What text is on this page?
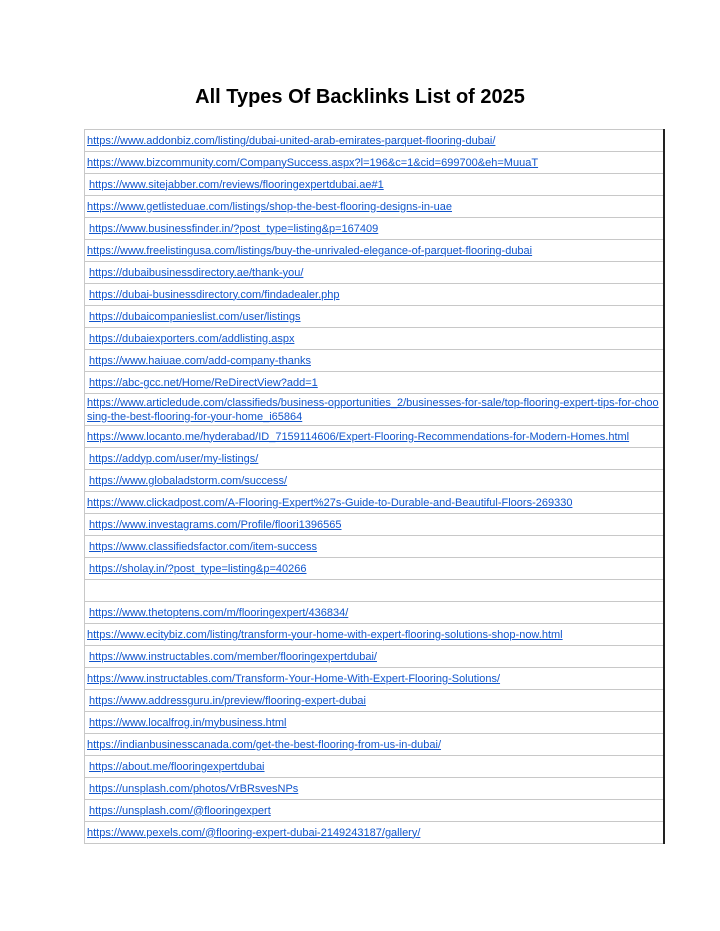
All Types Of Backlinks List of 2025
https://www.addonbiz.com/listing/dubai-united-arab-emirates-parquet-flooring-dubai/
https://www.bizcommunity.com/CompanySuccess.aspx?l=196&c=1&cid=699700&eh=MuuaT
https://www.sitejabber.com/reviews/flooringexpertdubai.ae#1
https://www.getlisteduae.com/listings/shop-the-best-flooring-designs-in-uae
https://www.businessfinder.in/?post_type=listing&p=167409
https://www.freelistingusa.com/listings/buy-the-unrivaled-elegance-of-parquet-flooring-dubai
https://dubaibusinessdirectory.ae/thank-you/
https://dubai-businessdirectory.com/findadealer.php
https://dubaicompanieslist.com/user/listings
https://dubaiexporters.com/addlisting.aspx
https://www.haiuae.com/add-company-thanks
https://abc-gcc.net/Home/ReDirectView?add=1
https://www.articledude.com/classifieds/business-opportunities_2/businesses-for-sale/top-flooring-expert-tips-for-choosing-the-best-flooring-for-your-home_i65864
https://www.locanto.me/hyderabad/ID_7159114606/Expert-Flooring-Recommendations-for-Modern-Homes.html
https://addyp.com/user/my-listings/
https://www.globaladstorm.com/success/
https://www.clickadpost.com/A-Flooring-Expert%27s-Guide-to-Durable-and-Beautiful-Floors-269330
https://www.investagrams.com/Profile/floori1396565
https://www.classifiedsfactor.com/item-success
https://sholay.in/?post_type=listing&p=40266

https://www.thetoptens.com/m/flooringexpert/436834/
https://www.ecitybiz.com/listing/transform-your-home-with-expert-flooring-solutions-shop-now.html
https://www.instructables.com/member/flooringexpertdubai/
https://www.instructables.com/Transform-Your-Home-With-Expert-Flooring-Solutions/
https://www.addressguru.in/preview/flooring-expert-dubai
https://www.localfrog.in/mybusiness.html
https://indianbusinesscanada.com/get-the-best-flooring-from-us-in-dubai/
https://about.me/flooringexpertdubai
https://unsplash.com/photos/VrBRsvesNPs
https://unsplash.com/@flooringexpert
https://www.pexels.com/@flooring-expert-dubai-2149243187/gallery/
